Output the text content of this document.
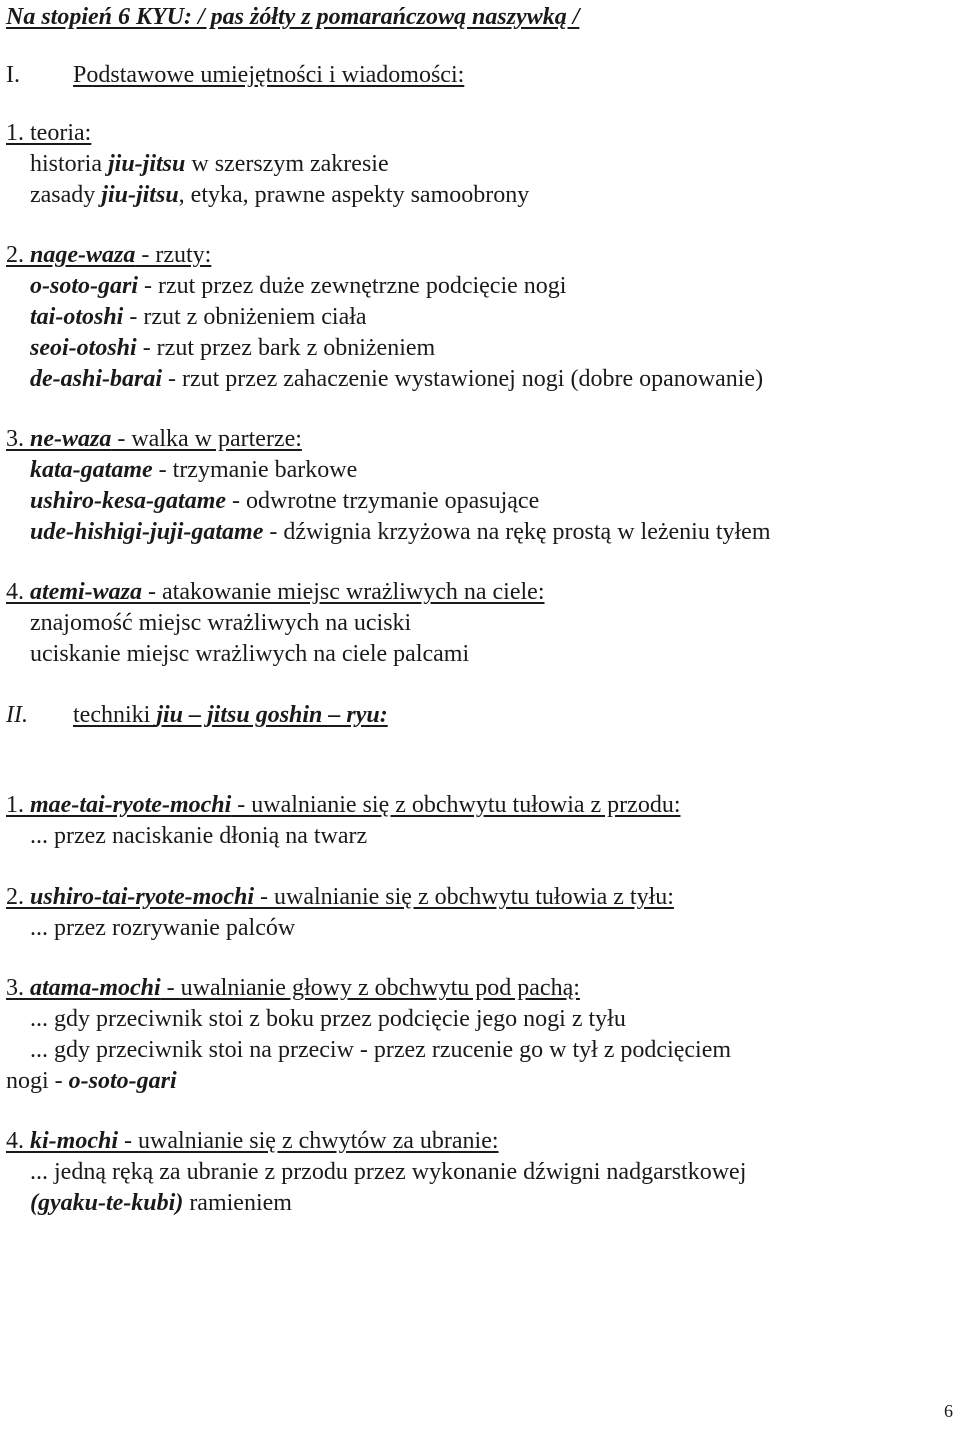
Na stopień 6 KYU: / pas żółty z pomarańczową naszywką /
I. Podstawowe umiejętności i wiadomości:
1. teoria:
historia jiu-jitsu w szerszym zakresie
zasady jiu-jitsu, etyka, prawne aspekty samoobrony
2. nage-waza - rzuty:
o-soto-gari - rzut przez duże zewnętrzne podcięcie nogi
tai-otoshi - rzut z obniżeniem ciała
seoi-otoshi - rzut przez bark z obniżeniem
de-ashi-barai - rzut przez zahaczenie wystawionej nogi (dobre opanowanie)
3. ne-waza - walka w parterze:
kata-gatame - trzymanie barkowe
ushiro-kesa-gatame - odwrotne trzymanie opasujące
ude-hishigi-juji-gatame - dźwignia krzyżowa na rękę prostą w leżeniu tyłem
4. atemi-waza - atakowanie miejsc wrażliwych na ciele:
znajomość miejsc wrażliwych na uciski
uciskanie miejsc wrażliwych na ciele palcami
II. techniki jiu – jitsu goshin – ryu:
1. mae-tai-ryote-mochi - uwalnianie się z obchwytu tułowia z przodu:
... przez naciskanie dłonią na twarz
2. ushiro-tai-ryote-mochi - uwalnianie się z obchwytu tułowia z tyłu:
... przez rozrywanie palców
3. atama-mochi - uwalnianie głowy z obchwytu pod pachą:
... gdy przeciwnik stoi z boku przez podcięcie jego nogi z tyłu
... gdy przeciwnik stoi na przeciw - przez rzucenie go w tył z podcięciem
nogi - o-soto-gari
4. ki-mochi - uwalnianie się z chwytów za ubranie:
... jedną ręką za ubranie z przodu przez wykonanie dźwigni nadgarstkowej
(gyaku-te-kubi) ramieniem
6
